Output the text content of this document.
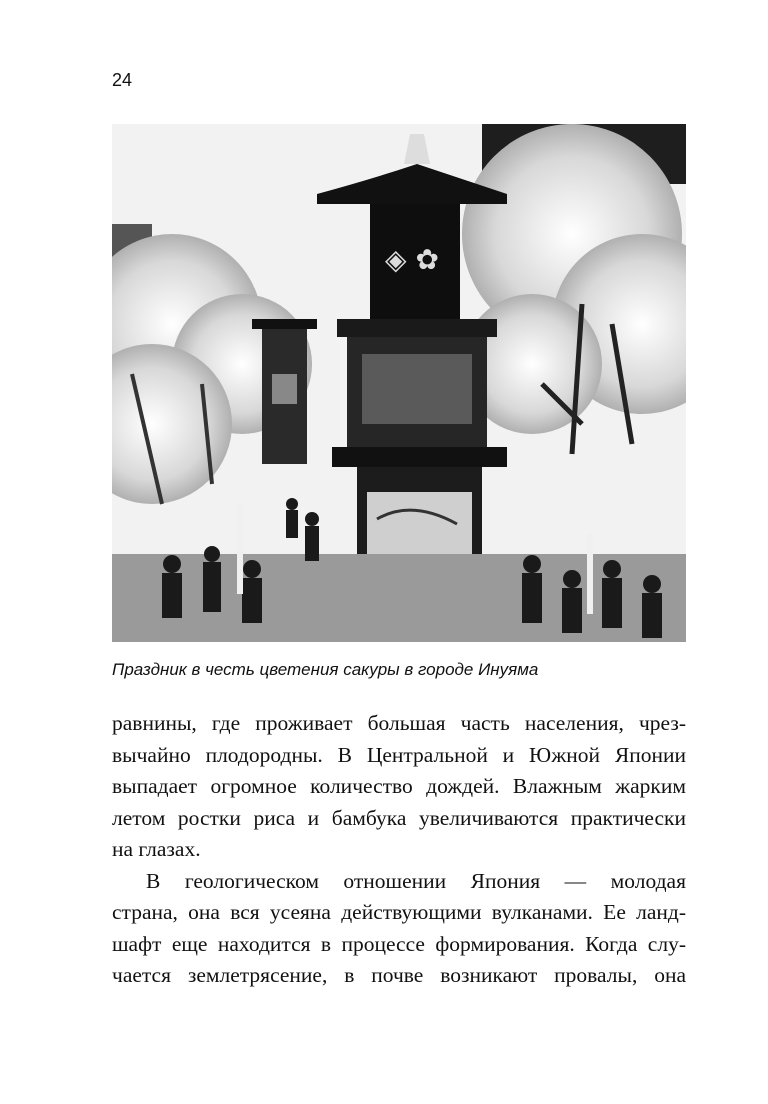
24
◈ ✿
Праздник в честь цветения сакуры в городе Инуяма
равнины, где проживает большая часть населения, чрез-
вычайно плодородны. В Центральной и Южной Японии
выпадает огромное количество дождей. Влажным жарким
летом ростки риса и бамбука увеличиваются практически
на глазах.
В геологическом отношении Япония — молодая
страна, она вся усеяна действующими вулканами. Ее ланд-
шафт еще находится в процессе формирования. Когда слу-
чается землетрясение, в почве возникают провалы, она
